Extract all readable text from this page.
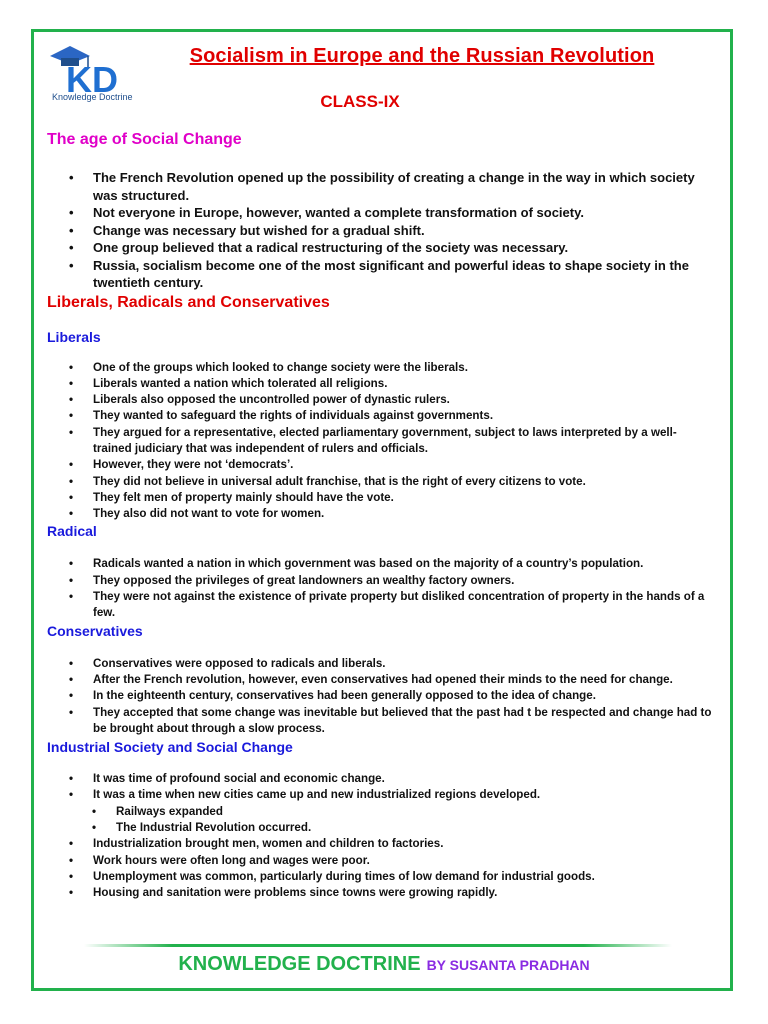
K D
Knowledge Doctrine
Socialism in Europe and the Russian Revolution
CLASS-IX
The age of Social Change
• The French Revolution opened up the possibility of creating a change in the way in which society was structured.
• Not everyone in Europe, however, wanted a complete transformation of society.
• Change was necessary but wished for a gradual shift.
• One group believed that a radical restructuring of the society was necessary.
• Russia, socialism become one of the most significant and powerful ideas to shape society in the twentieth century.
Liberals, Radicals and Conservatives
Liberals
• One of the groups which looked to change society were the liberals.
• Liberals wanted a nation which tolerated all religions.
• Liberals also opposed the uncontrolled power of dynastic rulers.
• They wanted to safeguard the rights of individuals against governments.
• They argued for a representative, elected parliamentary government, subject to laws interpreted by a well-trained judiciary that was independent of rulers and officials.
• However, they were not ‘democrats’.
• They did not believe in universal adult franchise, that is the right of every citizens to vote.
• They felt men of property mainly should have the vote.
• They also did not want to vote for women.
Radical
• Radicals wanted a nation in which government was based on the majority of a country’s population.
• They opposed the privileges of great landowners an wealthy factory owners.
• They were not against the existence of private property but disliked concentration of property in the hands of a few.
Conservatives
• Conservatives were opposed to radicals and liberals.
• After the French revolution, however, even conservatives had opened their minds to the need for change.
• In the eighteenth century, conservatives had been generally opposed to the idea of change.
• They accepted that some change was inevitable but believed that the past had t be respected and change had to be brought about through a slow process.
Industrial Society and Social Change
• It was time of profound social and economic change.
• It was a time when new cities came up and new industrialized regions developed.
• Railways expanded
• The Industrial Revolution occurred.
• Industrialization brought men, women and children to factories.
• Work hours were often long and wages were poor.
• Unemployment was common, particularly during times of low demand for industrial goods.
• Housing and sanitation were problems since towns were growing rapidly.
KNOWLEDGE DOCTRINE BY SUSANTA PRADHAN
